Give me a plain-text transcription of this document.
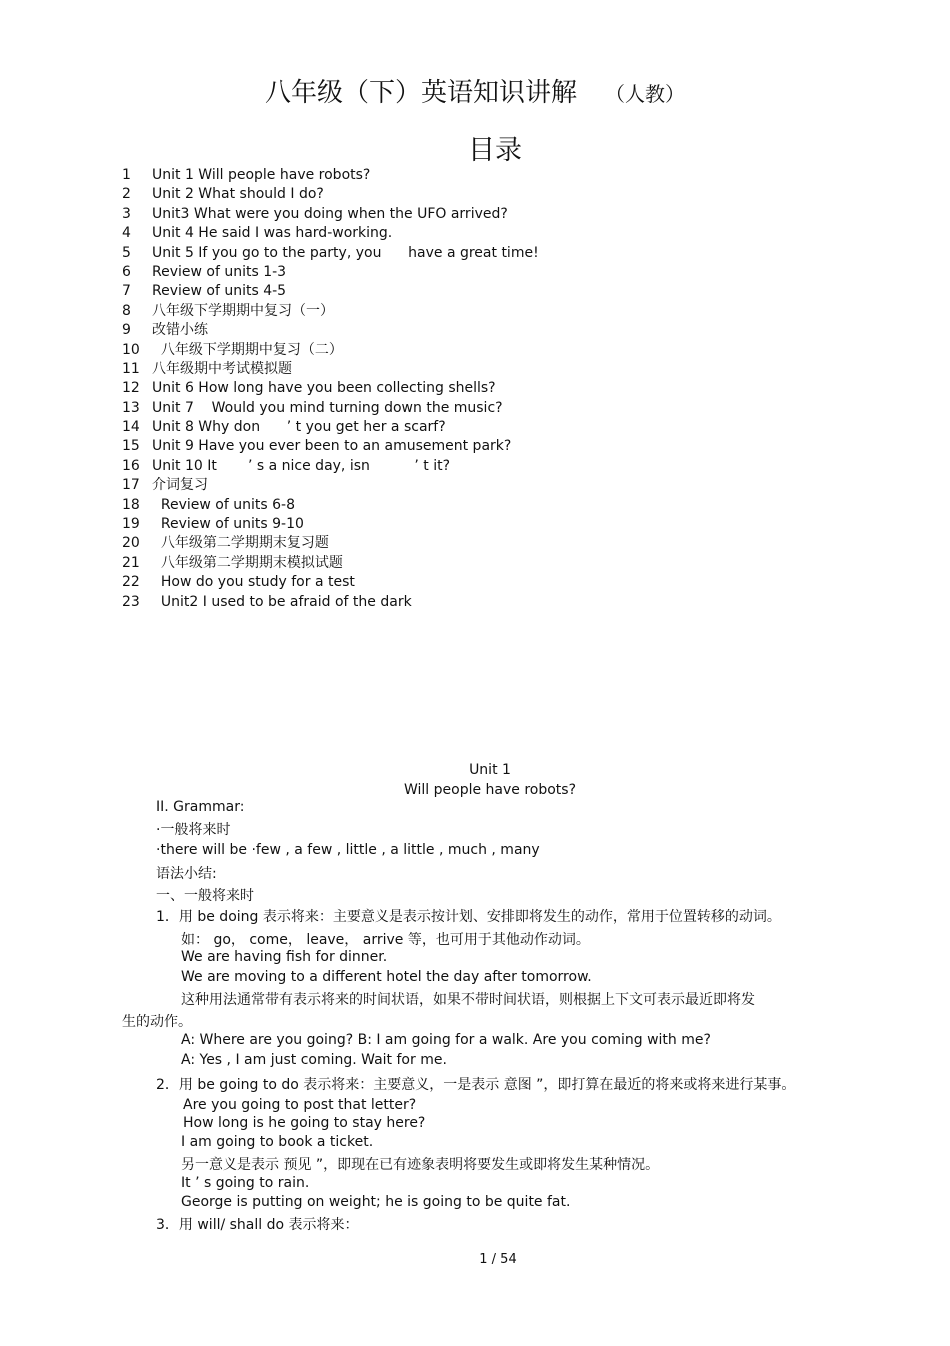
八年级（下）英语知识讲解 （人教）
目录
1 Unit 1 Will people have robots?
2 Unit 2 What should I do?
3 Unit3 What were you doing when the UFO arrived?
4 Unit 4 He said I was hard-working.
5 Unit 5 If you go to the party, you      have a great time!
6 Review of units 1-3
7 Review of units 4-5
8 八年级下学期期中复习（一）
9 改错小练
10  八年级下学期期中复习（二）
11 八年级期中考试模拟题
12 Unit 6 How long have you been collecting shells?
13 Unit 7    Would you mind turning down the music?
14 Unit 8 Why don      ’ t you get her a scarf?
15 Unit 9 Have you ever been to an amusement park?
16 Unit 10 It       ’ s a nice day, isn          ’ t it?
17 介词复习
18  Review of units 6-8
19  Review of units 9-10
20  八年级第二学期期末复习题
21  八年级第二学期期末模拟试题
22  How do you study for a test
23  Unit2 I used to be afraid of the dark
Unit 1
Will people have robots?
II. Grammar:
·一般将来时
·there will be ·few , a few , little , a little , much , many
语法小结:
一、一般将来时
1．用 be doing 表示将来：主要意义是表示按计划、安排即将发生的动作，常用于位置转移的动词。
如： go， come， leave， arrive 等，也可用于其他动作动词。
We are having fish for dinner.
We are moving to a different hotel the day after tomorrow.
这种用法通常带有表示将来的时间状语，如果不带时间状语，则根据上下文可表示最近即将发
生的动作。
A: Where are you going? B: I am going for a walk. Are you coming with me?
A: Yes , I am just coming. Wait for me.
2．用 be going to do 表示将来：主要意义，一是表示 意图 ”，即打算在最近的将来或将来进行某事。
Are you going to post that letter?
How long is he going to stay here?
I am going to book a ticket.
另一意义是表示 预见 ”，即现在已有迹象表明将要发生或即将发生某种情况。
It ’ s going to rain.
George is putting on weight; he is going to be quite fat.
3．用 will/ shall do 表示将来：
1 / 54
